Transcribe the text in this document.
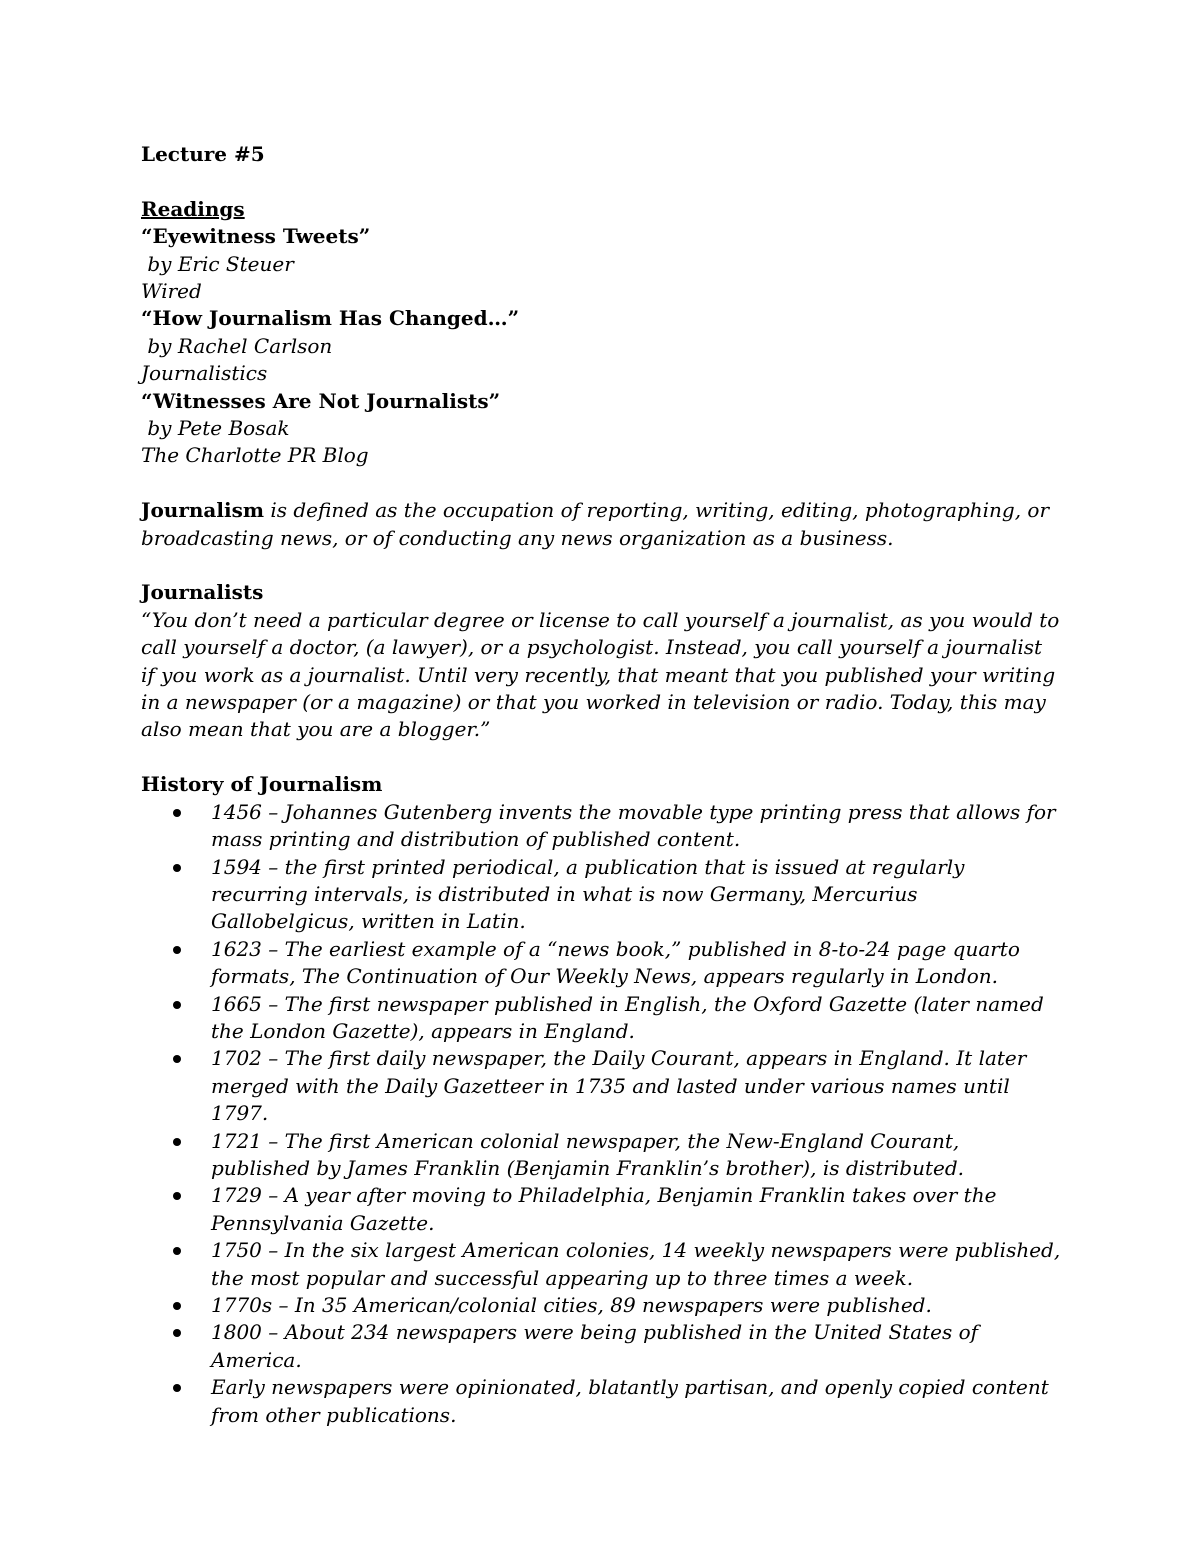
Lecture #5
Readings
“Eyewitness Tweets”
by Eric Steuer
Wired
“How Journalism Has Changed…”
by Rachel Carlson
Journalistics
“Witnesses Are Not Journalists”
by Pete Bosak
The Charlotte PR Blog
Journalism is defined as the occupation of reporting, writing, editing, photographing, or broadcasting news, or of conducting any news organization as a business.
Journalists
“You don’t need a particular degree or license to call yourself a journalist, as you would to call yourself a doctor, (a lawyer), or a psychologist. Instead, you call yourself a journalist if you work as a journalist. Until very recently, that meant that you published your writing in a newspaper (or a magazine) or that you worked in television or radio. Today, this may also mean that you are a blogger.”
History of Journalism
1456 – Johannes Gutenberg invents the movable type printing press that allows for mass printing and distribution of published content.
1594 – the first printed periodical, a publication that is issued at regularly recurring intervals, is distributed in what is now Germany, Mercurius Gallobelgicus, written in Latin.
1623 – The earliest example of a “news book,” published in 8-to-24 page quarto formats, The Continuation of Our Weekly News, appears regularly in London.
1665 – The first newspaper published in English, the Oxford Gazette (later named the London Gazette), appears in England.
1702 – The first daily newspaper, the Daily Courant, appears in England. It later merged with the Daily Gazetteer in 1735 and lasted under various names until 1797.
1721 – The first American colonial newspaper, the New-England Courant, published by James Franklin (Benjamin Franklin’s brother), is distributed.
1729 – A year after moving to Philadelphia, Benjamin Franklin takes over the Pennsylvania Gazette.
1750 – In the six largest American colonies, 14 weekly newspapers were published, the most popular and successful appearing up to three times a week.
1770s – In 35 American/colonial cities, 89 newspapers were published.
1800 – About 234 newspapers were being published in the United States of America.
Early newspapers were opinionated, blatantly partisan, and openly copied content from other publications.
